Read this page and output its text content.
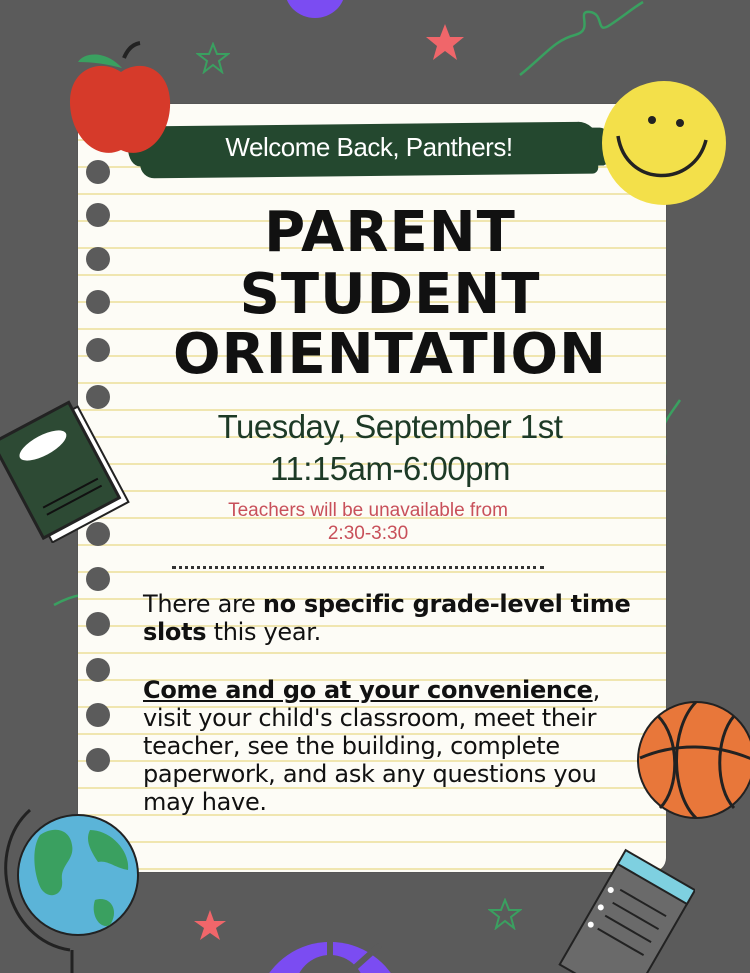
Welcome Back, Panthers!
PARENT
STUDENT
ORIENTATION
Tuesday, September 1st
11:15am-6:00pm
Teachers will be unavailable from
2:30-3:30
There are no specific grade-level time slots this year.
Come and go at your convenience, visit your child's classroom, meet their teacher, see the building, complete paperwork, and ask any questions you may have.
